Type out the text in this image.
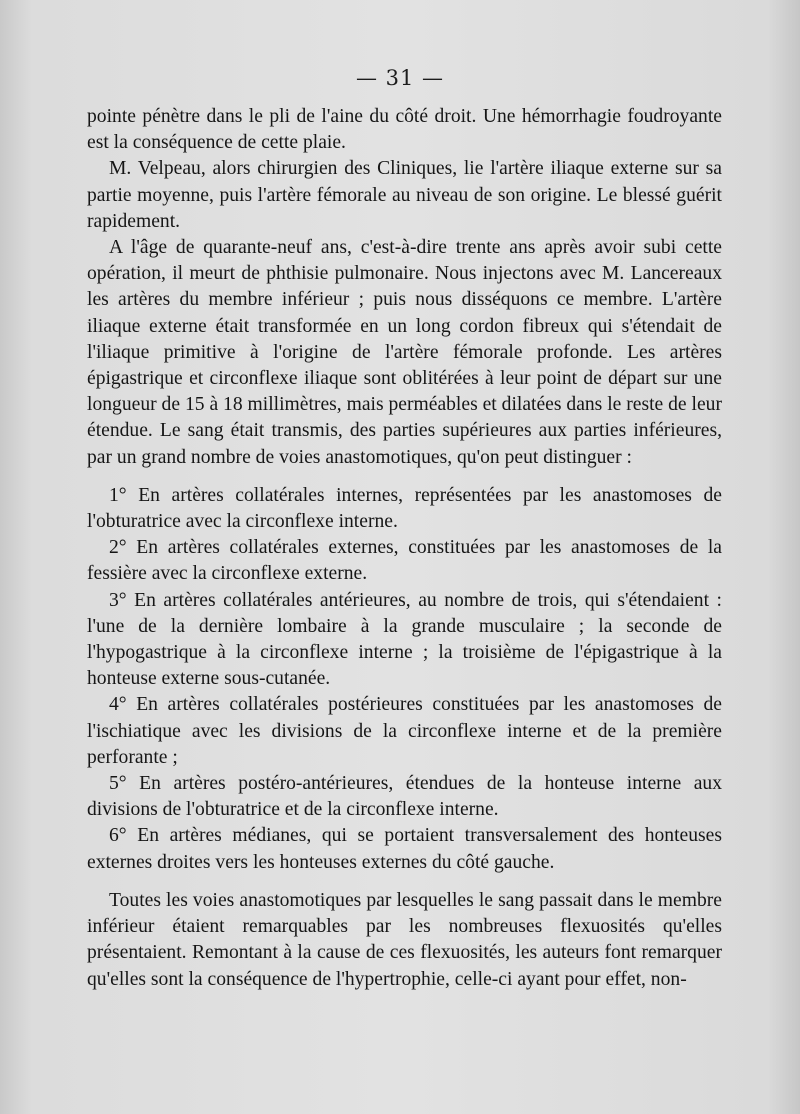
— 31 —

pointe pénètre dans le pli de l'aine du côté droit. Une hémorrhagie foudroyante est la conséquence de cette plaie.

M. Velpeau, alors chirurgien des Cliniques, lie l'artère iliaque externe sur sa partie moyenne, puis l'artère fémorale au niveau de son origine. Le blessé guérit rapidement.

A l'âge de quarante-neuf ans, c'est-à-dire trente ans après avoir subi cette opération, il meurt de phthisie pulmonaire. Nous injectons avec M. Lancereaux les artères du membre inférieur ; puis nous disséquons ce membre. L'artère iliaque externe était transformée en un long cordon fibreux qui s'étendait de l'iliaque primitive à l'origine de l'artère fémorale profonde. Les artères épigastrique et circonflexe iliaque sont oblitérées à leur point de départ sur une longueur de 15 à 18 millimètres, mais perméables et dilatées dans le reste de leur étendue. Le sang était transmis, des parties supérieures aux parties inférieures, par un grand nombre de voies anastomotiques, qu'on peut distinguer :

1° En artères collatérales internes, représentées par les anastomoses de l'obturatrice avec la circonflexe interne.

2° En artères collatérales externes, constituées par les anastomoses de la fessière avec la circonflexe externe.

3° En artères collatérales antérieures, au nombre de trois, qui s'étendaient : l'une de la dernière lombaire à la grande musculaire ; la seconde de l'hypogastrique à la circonflexe interne ; la troisième de l'épigastrique à la honteuse externe sous-cutanée.

4° En artères collatérales postérieures constituées par les anastomoses de l'ischiatique avec les divisions de la circonflexe interne et de la première perforante ;

5° En artères postéro-antérieures, étendues de la honteuse interne aux divisions de l'obturatrice et de la circonflexe interne.

6° En artères médianes, qui se portaient transversalement des honteuses externes droites vers les honteuses externes du côté gauche.

Toutes les voies anastomotiques par lesquelles le sang passait dans le membre inférieur étaient remarquables par les nombreuses flexuosités qu'elles présentaient. Remontant à la cause de ces flexuosités, les auteurs font remarquer qu'elles sont la conséquence de l'hypertrophie, celle-ci ayant pour effet, non-
